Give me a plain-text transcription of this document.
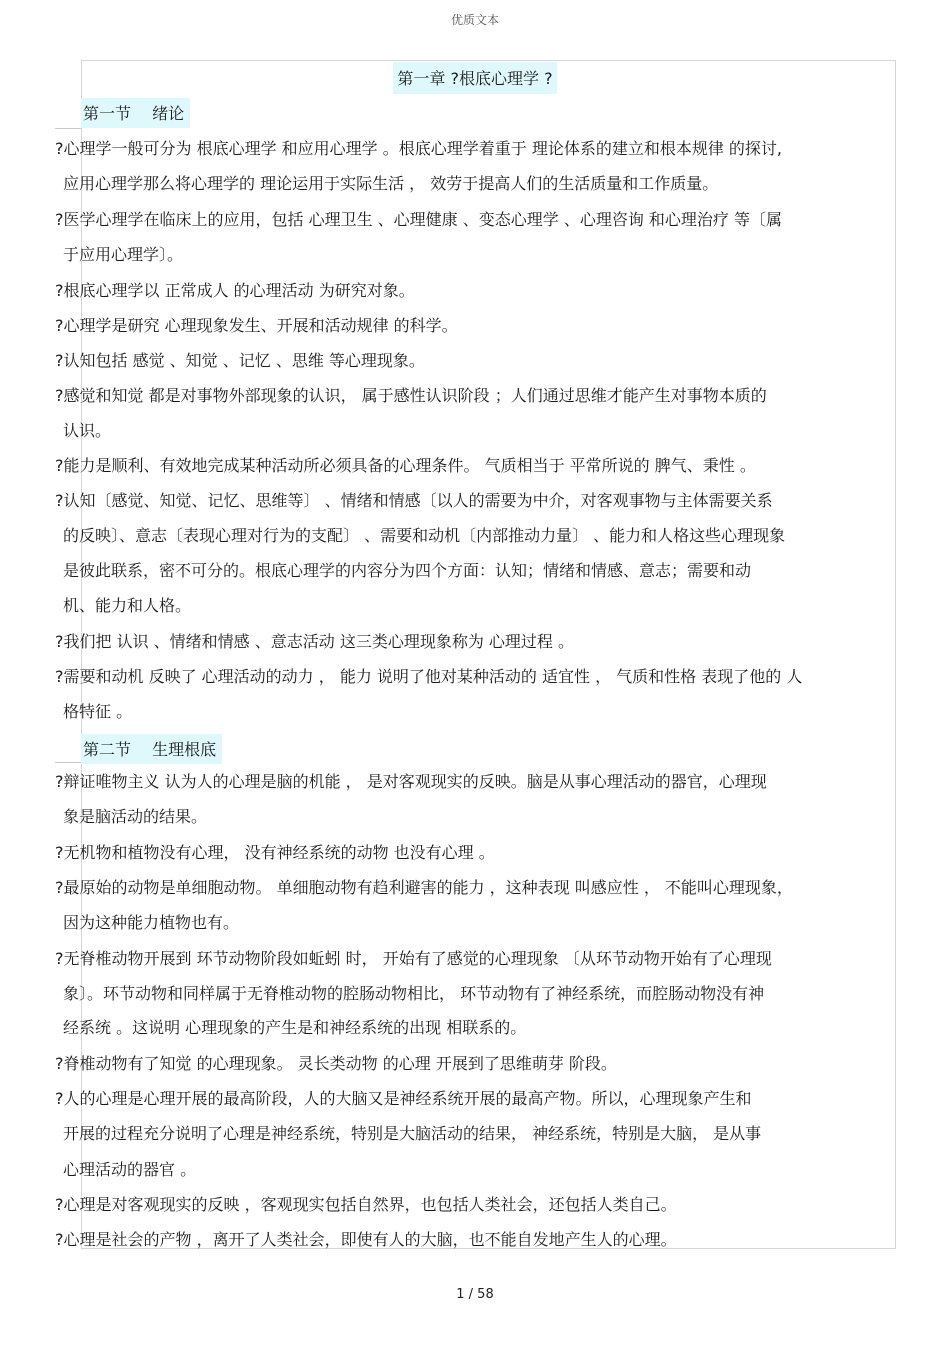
优质文本
第一章 ?根底心理学 ?
第一节　 绪论
?心理学一般可分为 根底心理学 和应用心理学 。根底心理学着重于 理论体系的建立和根本规律 的探讨,
应用心理学那么将心理学的 理论运用于实际生活 ， 效劳于提高人们的生活质量和工作质量。
?医学心理学在临床上的应用，包括 心理卫生 、心理健康 、变态心理学 、心理咨询 和心理治疗 等〔属
于应用心理学〕。
?根底心理学以 正常成人 的心理活动 为研究对象。
?心理学是研究 心理现象发生、开展和活动规律 的科学。
?认知包括 感觉 、知觉 、记忆 、思维 等心理现象。
?感觉和知觉 都是对事物外部现象的认识， 属于感性认识阶段 ；人们通过思维才能产生对事物本质的
认识。
?能力是顺利、有效地完成某种活动所必须具备的心理条件。 气质相当于 平常所说的 脾气、秉性 。
?认知〔感觉、知觉、记忆、思维等〕 、情绪和情感〔以人的需要为中介，对客观事物与主体需要关系
的反映〕、意志〔表现心理对行为的支配〕 、需要和动机〔内部推动力量〕 、能力和人格这些心理现象
是彼此联系，密不可分的。根底心理学的内容分为四个方面：认知；情绪和情感、意志；需要和动
机、能力和人格。
?我们把 认识 、情绪和情感 、意志活动 这三类心理现象称为 心理过程 。
?需要和动机 反映了 心理活动的动力 ， 能力 说明了他对某种活动的 适宜性 ， 气质和性格 表现了他的 人
格特征 。
第二节　 生理根底
?辩证唯物主义 认为人的心理是脑的机能 ， 是对客观现实的反映。脑是从事心理活动的器官，心理现
象是脑活动的结果。
?无机物和植物没有心理， 没有神经系统的动物 也没有心理 。
?最原始的动物是单细胞动物。 单细胞动物有趋利避害的能力 ，这种表现 叫感应性 ， 不能叫心理现象，
因为这种能力植物也有。
?无脊椎动物开展到 环节动物阶段如蚯蚓 时， 开始有了感觉的心理现象 〔从环节动物开始有了心理现
象〕。环节动物和同样属于无脊椎动物的腔肠动物相比， 环节动物有了神经系统，而腔肠动物没有神
经系统 。这说明 心理现象的产生是和神经系统的出现 相联系的。
?脊椎动物有了知觉 的心理现象。 灵长类动物 的心理 开展到了思维萌芽 阶段。
?人的心理是心理开展的最高阶段，人的大脑又是神经系统开展的最高产物。所以，心理现象产生和
开展的过程充分说明了心理是神经系统，特别是大脑活动的结果， 神经系统，特别是大脑， 是从事
心理活动的器官 。
?心理是对客观现实的反映 ，客观现实包括自然界，也包括人类社会，还包括人类自己。
?心理是社会的产物 ，离开了人类社会，即使有人的大脑，也不能自发地产生人的心理。
1 / 58
